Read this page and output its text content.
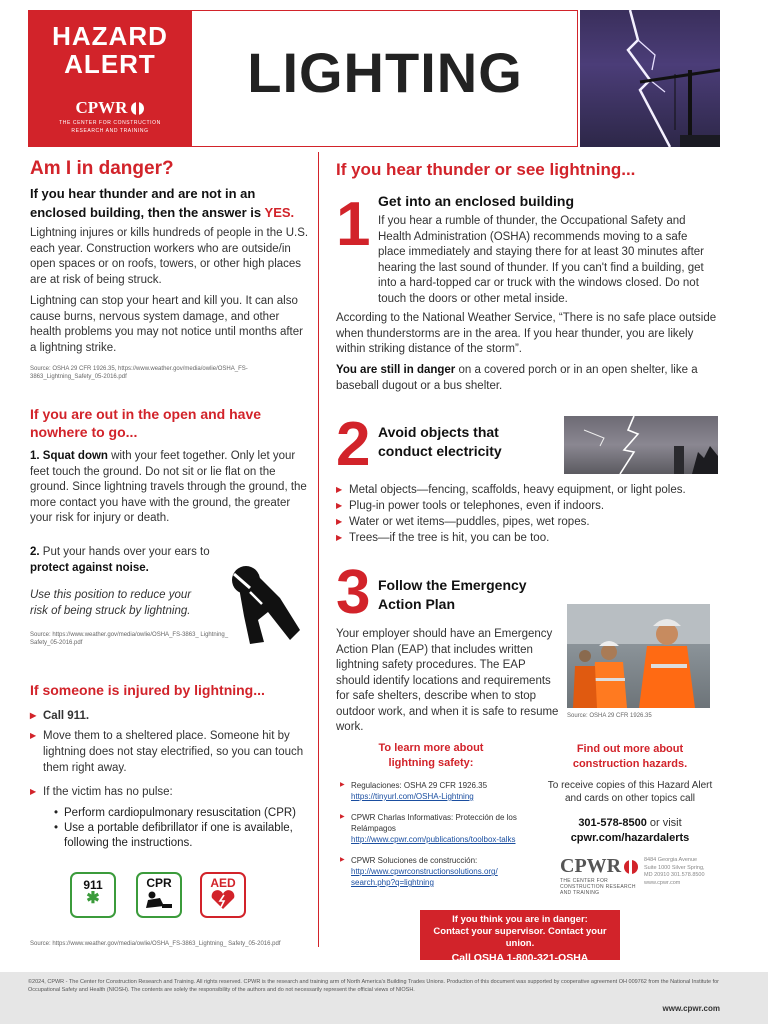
HAZARD
ALERT
CPWR
THE CENTER FOR CONSTRUCTION
RESEARCH AND TRAINING
LIGHTING
Am I in danger?
If you hear thunder and are not in an
enclosed building, then the answer is YES.

Lightning injures or kills hundreds of people in the U.S. each year. Construction workers who are outside/in open spaces or on roofs, towers, or other high places are at risk of being struck.

Lightning can stop your heart and kill you. It can also cause burns, nervous system damage, and other health problems you may not notice until months after a lightning strike.

Source: OSHA 29 CFR 1926.35, https://www.weather.gov/media/owlie/OSHA_FS-3863_Lightning_Safety_05-2016.pdf

If you are out in the open and have nowhere to go...

1. Squat down with your feet together. Only let your feet touch the ground. Do not sit or lie flat on the ground. Since lightning travels through the ground, the more contact you have with the ground, the greater your risk for injury or death.

2. Put your hands over your ears to protect against noise.

Use this position to reduce your risk of being struck by lightning.

Source: https://www.weather.gov/media/owlie/OSHA_FS-3863_ Lightning_ Safety_05-2016.pdf

If someone is injured by lightning...
▶ Call 911.
▶ Move them to a sheltered place. Someone hit by lightning does not stay electrified, so you can touch them right away.
▶ If the victim has no pulse:
• Perform cardiopulmonary resuscitation (CPR)
• Use a portable defibrillator if one is available, following the instructions.
911
✱
CPR	AED

Source: https://www.weather.gov/media/owlie/OSHA_FS-3863_Lightning_ Safety_05-2016.pdf

If you hear thunder or see lightning...
1 Get into an enclosed building

If you hear a rumble of thunder, the Occupational Safety and Health Administration (OSHA) recommends moving to a safe place immediately and staying there for at least 30 minutes after hearing the last sound of thunder. If you can't find a building, get into a hard-topped car or truck with the windows closed. Do not touch the doors or other metal inside.

According to the National Weather Service, “There is no safe place outside when thunderstorms are in the area. If you hear thunder, you are likely within striking distance of the storm”.

You are still in danger on a covered porch or in an open shelter, like a baseball dugout or a bus shelter.

2 Avoid objects that
conduct electricity
▶ Metal objects—fencing, scaffolds, heavy equipment, or light poles.
▶ Plug-in power tools or telephones, even if indoors.
▶ Water or wet items—puddles, pipes, wet ropes.
▶ Trees—if the tree is hit, you can be too.
3 Follow the Emergency
Action Plan

Your employer should have an Emergency Action Plan (EAP) that includes written lightning safety procedures. The EAP should identify locations and requirements for safe shelters, describe when to stop outdoor work, and when it is safe to resume work.

Source: OSHA 29 CFR 1926.35

To learn more about
lightning safety:
▶ Regulaciones: OSHA 29 CFR 1926.35
https://tinyurl.com/OSHA-Lightning
▶ CPWR Charlas Informativas: Protección de los Relámpagos
http://www.cpwr.com/publications/toolbox-talks
▶ CPWR Soluciones de construcción:
http://www.cpwrconstructionsolutions.org/ search.php?q=lightning
Find out more about
construction hazards.

To receive copies of this Hazard Alert and cards on other topics call

301-578-8500 or visit
cpwr.com/hazardalerts
CPWR
THE CENTER FOR CONSTRUCTION RESEARCH AND TRAINING

8484 Georgia Avenue Suite 1000 Silver Spring, MD 20910 301.578.8500 www.cpwr.com

If you think you are in danger:
Contact your supervisor. Contact your union.
Call OSHA 1-800-321-OSHA

©2024, CPWR - The Center for Construction Research and Training. All rights reserved. CPWR is the research and training arm of North America's Building Trades Unions. Production of this document was supported by cooperative agreement OH 009762 from the National Institute for Occupational Safety and Health (NIOSH). The contents are solely the responsibility of the authors and do not necessarily represent the official views of NIOSH.

www.cpwr.com
